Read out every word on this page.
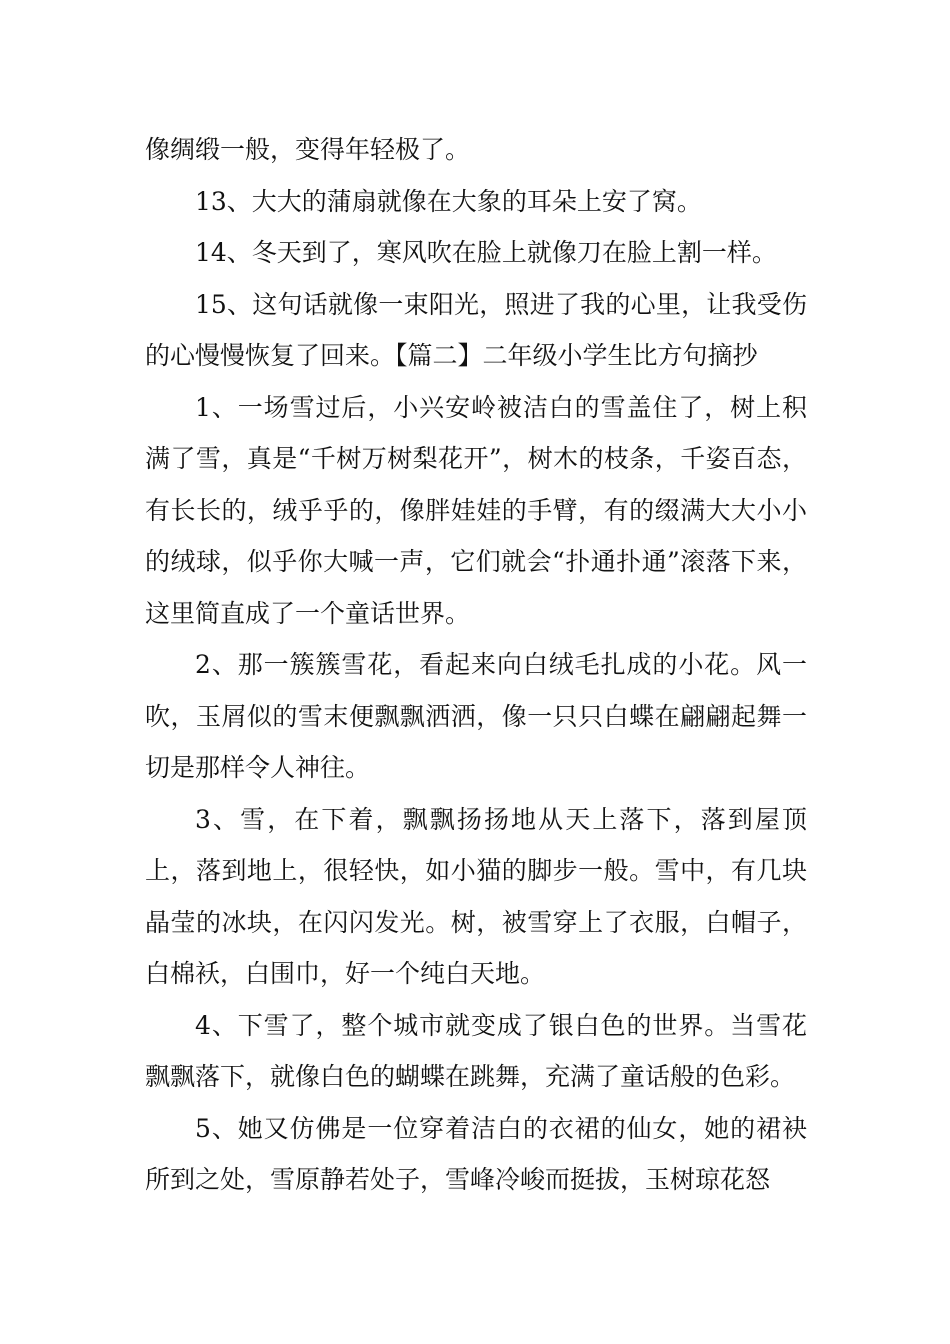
像绸缎一般，变得年轻极了。

13、大大的蒲扇就像在大象的耳朵上安了窝。

14、冬天到了，寒风吹在脸上就像刀在脸上割一样。

15、这句话就像一束阳光，照进了我的心里，让我受伤的心慢慢恢复了回来。【篇二】二年级小学生比方句摘抄

1、一场雪过后，小兴安岭被洁白的雪盖住了，树上积满了雪，真是“千树万树梨花开”，树木的枝条，千姿百态，有长长的，绒乎乎的，像胖娃娃的手臂，有的缀满大大小小的绒球，似乎你大喊一声，它们就会“扑通扑通”滚落下来，这里简直成了一个童话世界。

2、那一簇簇雪花，看起来向白绒毛扎成的小花。风一吹，玉屑似的雪末便飘飘洒洒，像一只只白蝶在翩翩起舞一切是那样令人神往。

3、雪，在下着，飘飘扬扬地从天上落下，落到屋顶上，落到地上，很轻快，如小猫的脚步一般。雪中，有几块晶莹的冰块，在闪闪发光。树，被雪穿上了衣服，白帽子，白棉袄，白围巾，好一个纯白天地。

4、下雪了，整个城市就变成了银白色的世界。当雪花飘飘落下，就像白色的蝴蝶在跳舞，充满了童话般的色彩。

5、她又仿佛是一位穿着洁白的衣裙的仙女，她的裙袂所到之处，雪原静若处子，雪峰冷峻而挺拔，玉树琼花怒
